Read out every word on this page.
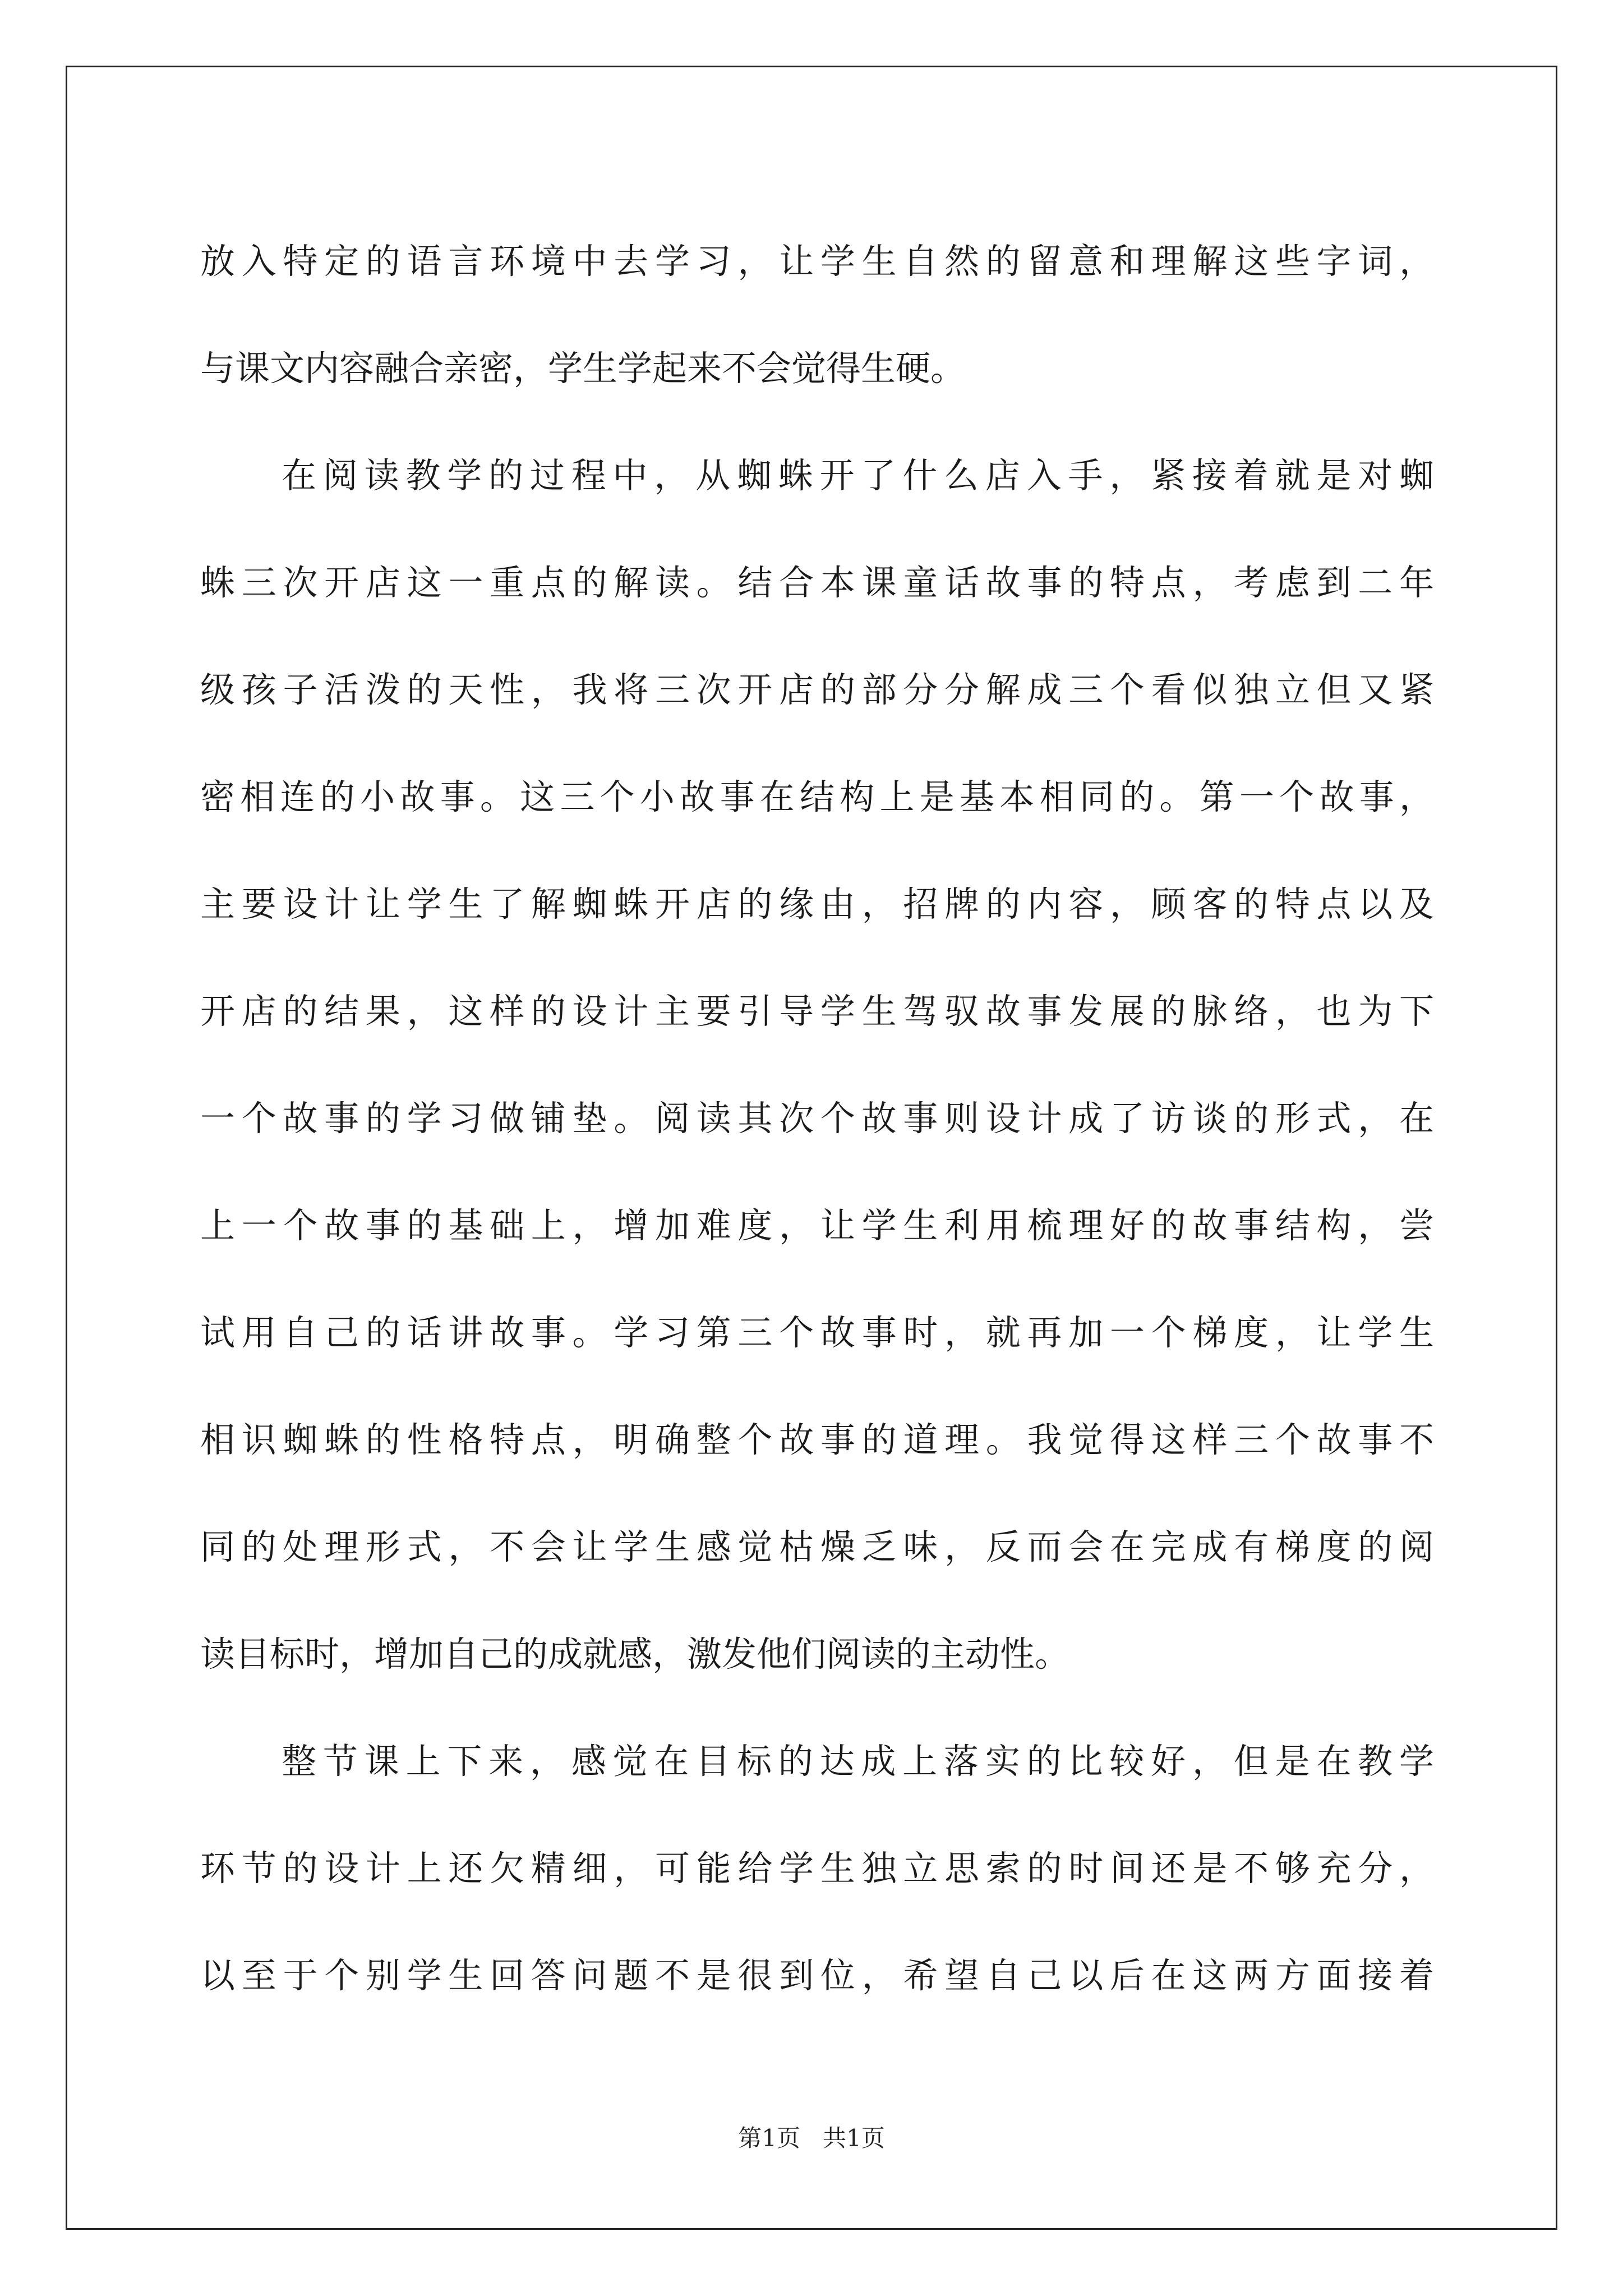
放入特定的语言环境中去学习，让学生自然的留意和理解这些字词，
与课文内容融合亲密，学生学起来不会觉得生硬。
在阅读教学的过程中，从蜘蛛开了什么店入手，紧接着就是对蜘
蛛三次开店这一重点的解读。结合本课童话故事的特点，考虑到二年
级孩子活泼的天性，我将三次开店的部分分解成三个看似独立但又紧
密相连的小故事。这三个小故事在结构上是基本相同的。第一个故事，
主要设计让学生了解蜘蛛开店的缘由，招牌的内容，顾客的特点以及
开店的结果，这样的设计主要引导学生驾驭故事发展的脉络，也为下
一个故事的学习做铺垫。阅读其次个故事则设计成了访谈的形式，在
上一个故事的基础上，增加难度，让学生利用梳理好的故事结构，尝
试用自己的话讲故事。学习第三个故事时，就再加一个梯度，让学生
相识蜘蛛的性格特点，明确整个故事的道理。我觉得这样三个故事不
同的处理形式，不会让学生感觉枯燥乏味，反而会在完成有梯度的阅
读目标时，增加自己的成就感，激发他们阅读的主动性。
整节课上下来，感觉在目标的达成上落实的比较好，但是在教学
环节的设计上还欠精细，可能给学生独立思索的时间还是不够充分，
以至于个别学生回答问题不是很到位，希望自己以后在这两方面接着
第1页   共1页
